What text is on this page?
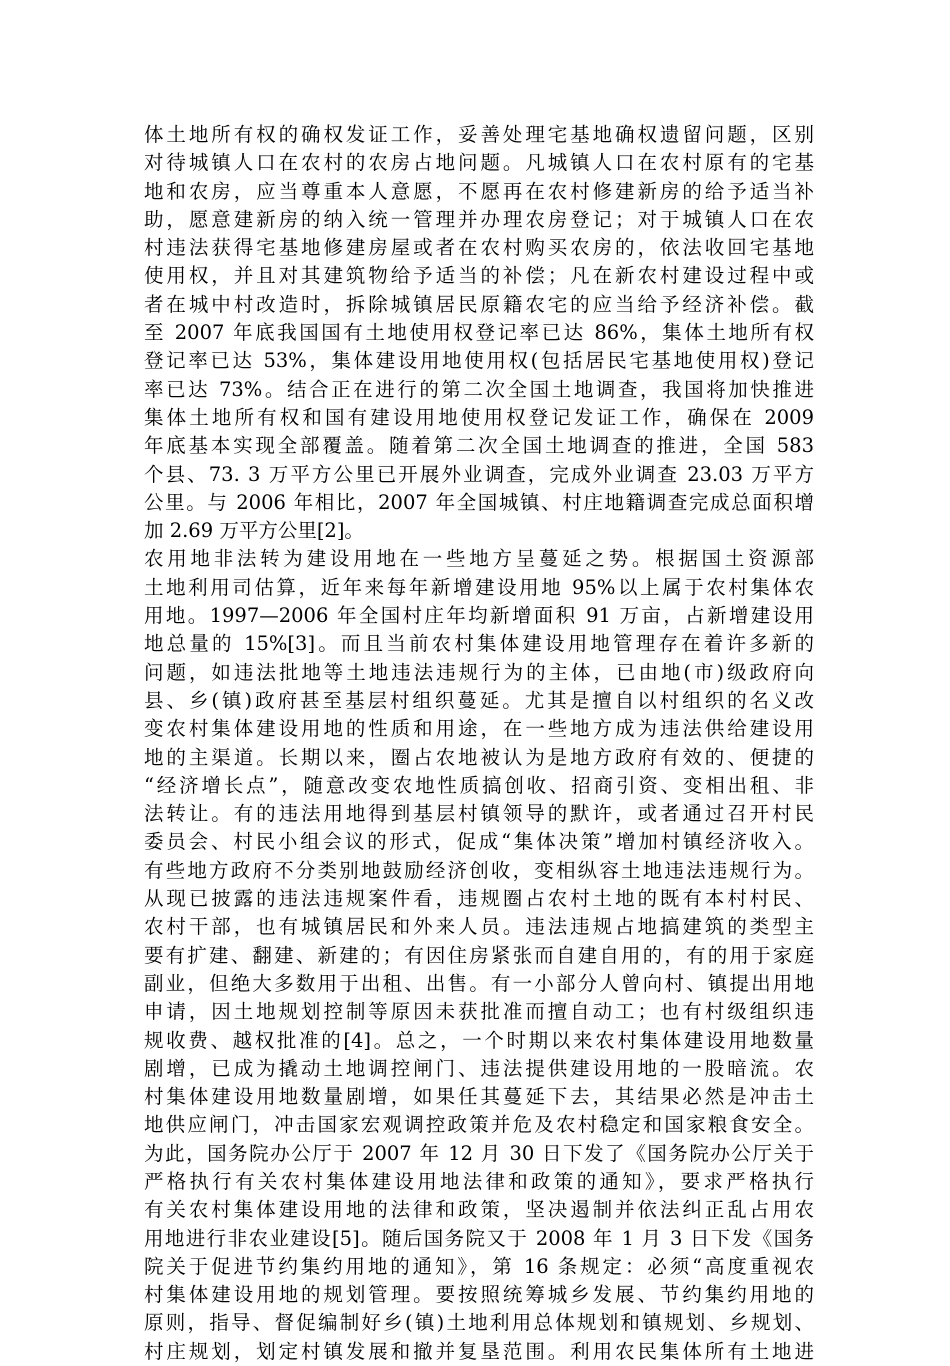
体土地所有权的确权发证工作，妥善处理宅基地确权遗留问题，区别
对待城镇人口在农村的农房占地问题。凡城镇人口在农村原有的宅基
地和农房，应当尊重本人意愿，不愿再在农村修建新房的给予适当补
助，愿意建新房的纳入统一管理并办理农房登记；对于城镇人口在农
村违法获得宅基地修建房屋或者在农村购买农房的，依法收回宅基地
使用权，并且对其建筑物给予适当的补偿；凡在新农村建设过程中或
者在城中村改造时，拆除城镇居民原籍农宅的应当给予经济补偿。截
至 2007 年底我国国有土地使用权登记率已达 86%，集体土地所有权
登记率已达 53%，集体建设用地使用权(包括居民宅基地使用权)登记
率已达 73%。结合正在进行的第二次全国土地调查，我国将加快推进
集体土地所有权和国有建设用地使用权登记发证工作，确保在 2009
年底基本实现全部覆盖。随着第二次全国土地调查的推进，全国 583
个县、73. 3 万平方公里已开展外业调查，完成外业调查 23.03 万平方
公里。与 2006 年相比，2007 年全国城镇、村庄地籍调查完成总面积增
加 2.69 万平方公里[2]。
农用地非法转为建设用地在一些地方呈蔓延之势。根据国土资源部
土地利用司估算，近年来每年新增建设用地 95%以上属于农村集体农
用地。1997—2006 年全国村庄年均新增面积 91 万亩，占新增建设用
地总量的 15%[3]。而且当前农村集体建设用地管理存在着许多新的
问题，如违法批地等土地违法违规行为的主体，已由地(市)级政府向
县、乡(镇)政府甚至基层村组织蔓延。尤其是擅自以村组织的名义改
变农村集体建设用地的性质和用途，在一些地方成为违法供给建设用
地的主渠道。长期以来，圈占农地被认为是地方政府有效的、便捷的
“经济增长点”，随意改变农地性质搞创收、招商引资、变相出租、非
法转让。有的违法用地得到基层村镇领导的默许，或者通过召开村民
委员会、村民小组会议的形式，促成“集体决策”增加村镇经济收入。
有些地方政府不分类别地鼓励经济创收，变相纵容土地违法违规行为。
从现已披露的违法违规案件看，违规圈占农村土地的既有本村村民、
农村干部，也有城镇居民和外来人员。违法违规占地搞建筑的类型主
要有扩建、翻建、新建的；有因住房紧张而自建自用的，有的用于家庭
副业，但绝大多数用于出租、出售。有一小部分人曾向村、镇提出用地
申请，因土地规划控制等原因未获批准而擅自动工；也有村级组织违
规收费、越权批准的[4]。总之，一个时期以来农村集体建设用地数量
剧增，已成为撬动土地调控闸门、违法提供建设用地的一股暗流。农
村集体建设用地数量剧增，如果任其蔓延下去，其结果必然是冲击土
地供应闸门，冲击国家宏观调控政策并危及农村稳定和国家粮食安全。
为此，国务院办公厅于 2007 年 12 月 30 日下发了《国务院办公厅关于
严格执行有关农村集体建设用地法律和政策的通知》，要求严格执行
有关农村集体建设用地的法律和政策，坚决遏制并依法纠正乱占用农
用地进行非农业建设[5]。随后国务院又于 2008 年 1 月 3 日下发《国务
院关于促进节约集约用地的通知》，第 16 条规定：必须“高度重视农
村集体建设用地的规划管理。要按照统筹城乡发展、节约集约用地的
原则，指导、督促编制好乡(镇)土地利用总体规划和镇规划、乡规划、
村庄规划，划定村镇发展和撤并复垦范围。利用农民集体所有土地进
